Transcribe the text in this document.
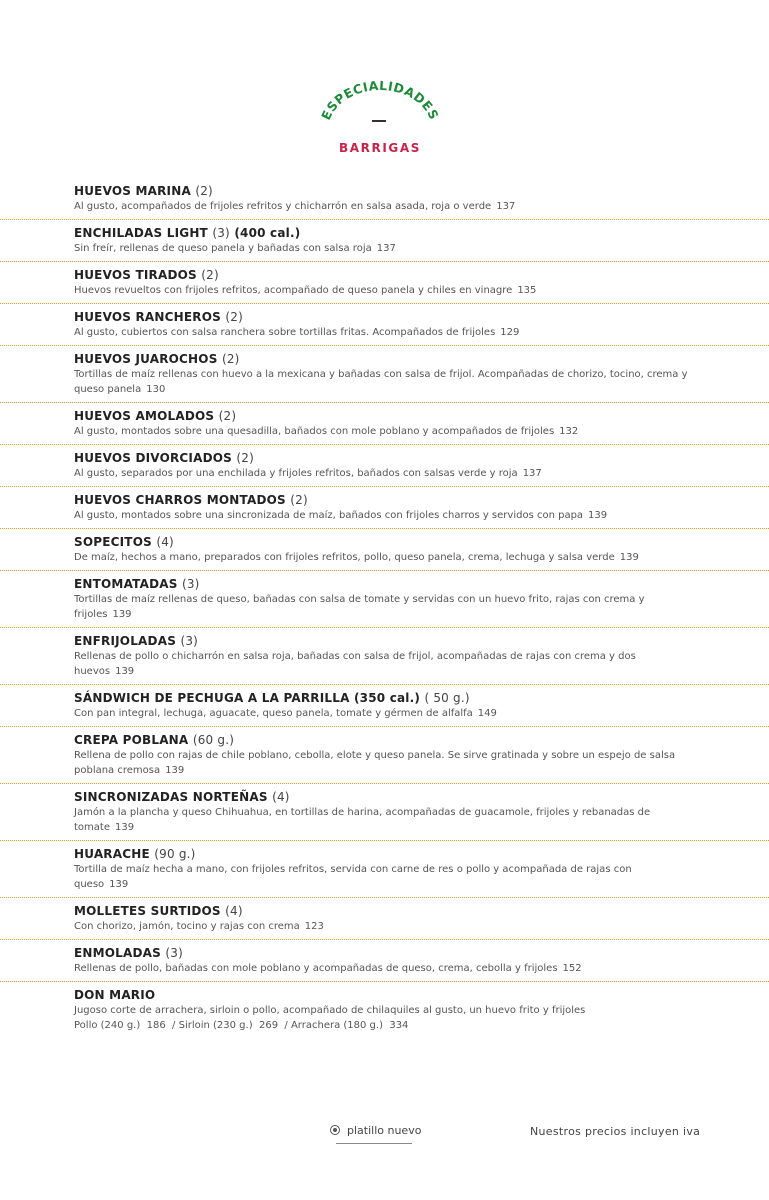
ESPECIALIDADES
BARRIGAS
HUEVOS MARINA (2)
Al gusto, acompañados de frijoles refritos y chicharrón en salsa asada, roja o verde 137
ENCHILADAS LIGHT (3) (400 cal.)
Sin freír, rellenas de queso panela y bañadas con salsa roja 137
HUEVOS TIRADOS (2)
Huevos revueltos con frijoles refritos, acompañado de queso panela y chiles en vinagre 135
HUEVOS RANCHEROS (2)
Al gusto, cubiertos con salsa ranchera sobre tortillas fritas. Acompañados de frijoles 129
HUEVOS JUAROCHOS (2)
Tortillas de maíz rellenas con huevo a la mexicana y bañadas con salsa de frijol. Acompañadas de chorizo, tocino, crema y queso panela 130
HUEVOS AMOLADOS (2)
Al gusto, montados sobre una quesadilla, bañados con mole poblano y acompañados de frijoles 132
HUEVOS DIVORCIADOS (2)
Al gusto, separados por una enchilada y frijoles refritos, bañados con salsas verde y roja 137
HUEVOS CHARROS MONTADOS (2)
Al gusto, montados sobre una sincronizada de maíz, bañados con frijoles charros y servidos con papa 139
SOPECITOS (4)
De maíz, hechos a mano, preparados con frijoles refritos, pollo, queso panela, crema, lechuga y salsa verde 139
ENTOMATADAS (3)
Tortillas de maíz rellenas de queso, bañadas con salsa de tomate y servidas con un huevo frito, rajas con crema y frijoles 139
ENFRIJOLADAS (3)
Rellenas de pollo o chicharrón en salsa roja, bañadas con salsa de frijol, acompañadas de rajas con crema y dos huevos 139
SÁNDWICH DE PECHUGA A LA PARRILLA (350 cal.) ( 50 g.)
Con pan integral, lechuga, aguacate, queso panela, tomate y gérmen de alfalfa 149
CREPA POBLANA (60 g.)
Rellena de pollo con rajas de chile poblano, cebolla, elote y queso panela. Se sirve gratinada y sobre un espejo de salsa poblana cremosa 139
SINCRONIZADAS NORTEÑAS (4)
Jamón a la plancha y queso Chihuahua, en tortillas de harina, acompañadas de guacamole, frijoles y rebanadas de tomate 139
HUARACHE (90 g.)
Tortilla de maíz hecha a mano, con frijoles refritos, servida con carne de res o pollo y acompañada de rajas con queso 139
MOLLETES SURTIDOS (4)
Con chorizo, jamón, tocino y rajas con crema 123
ENMOLADAS (3)
Rellenas de pollo, bañadas con mole poblano y acompañadas de queso, crema, cebolla y frijoles 152
DON MARIO
Jugoso corte de arrachera, sirloin o pollo, acompañado de chilaquiles al gusto, un huevo frito y frijoles
Pollo (240 g.)  186  / Sirloin (230 g.)  269  / Arrachera (180 g.)  334
platillo nuevo	Nuestros precios incluyen iva
